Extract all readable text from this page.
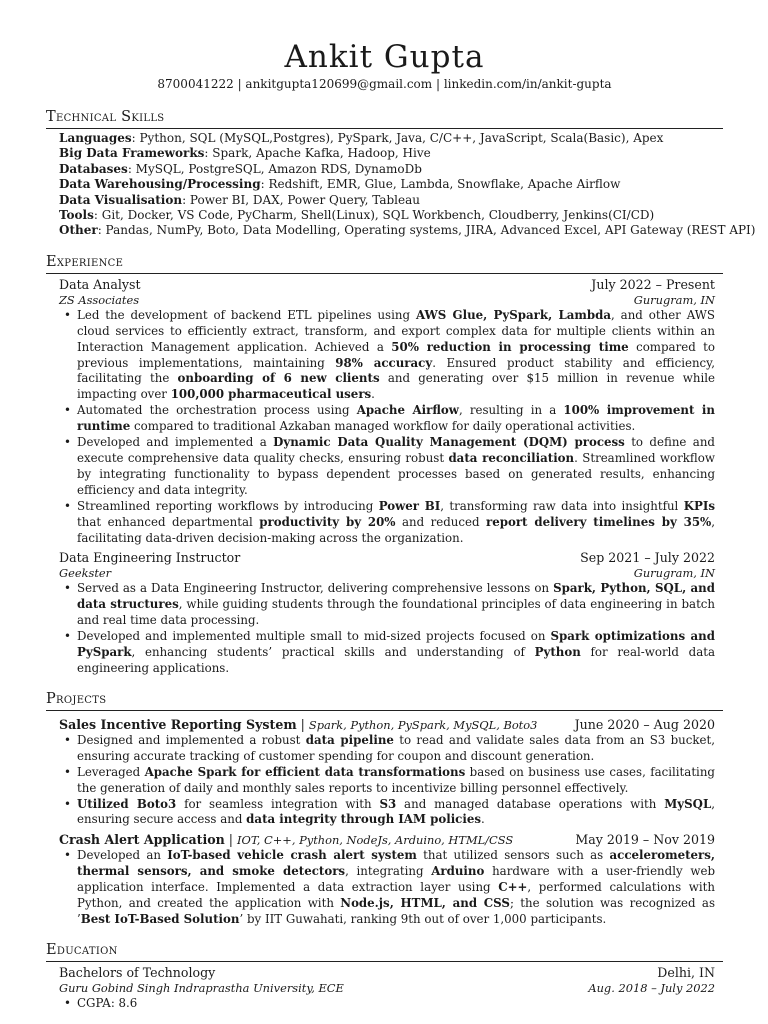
Ankit Gupta
8700041222 | ankitgupta120699@gmail.com | linkedin.com/in/ankit-gupta
Technical Skills
Languages: Python, SQL (MySQL,Postgres), PySpark, Java, C/C++, JavaScript, Scala(Basic), Apex
Big Data Frameworks: Spark, Apache Kafka, Hadoop, Hive
Databases: MySQL, PostgreSQL, Amazon RDS, DynamoDb
Data Warehousing/Processing: Redshift, EMR, Glue, Lambda, Snowflake, Apache Airflow
Data Visualisation: Power BI, DAX, Power Query, Tableau
Tools: Git, Docker, VS Code, PyCharm, Shell(Linux), SQL Workbench, Cloudberry, Jenkins(CI/CD)
Other: Pandas, NumPy, Boto, Data Modelling, Operating systems, JIRA, Advanced Excel, API Gateway (REST API)
Experience
Data Analyst	July 2022 – Present
ZS Associates	Gurugram, IN
• Led the development of backend ETL pipelines using AWS Glue, PySpark, Lambda, and other AWS cloud services to efficiently extract, transform, and export complex data for multiple clients within an Interaction Management application. Achieved a 50% reduction in processing time compared to previous implementations, maintaining 98% accuracy. Ensured product stability and efficiency, facilitating the onboarding of 6 new clients and generating over $15 million in revenue while impacting over 100,000 pharmaceutical users.
• Automated the orchestration process using Apache Airflow, resulting in a 100% improvement in runtime compared to traditional Azkaban managed workflow for daily operational activities.
• Developed and implemented a Dynamic Data Quality Management (DQM) process to define and execute comprehensive data quality checks, ensuring robust data reconciliation. Streamlined workflow by integrating functionality to bypass dependent processes based on generated results, enhancing efficiency and data integrity.
• Streamlined reporting workflows by introducing Power BI, transforming raw data into insightful KPIs that enhanced departmental productivity by 20% and reduced report delivery timelines by 35%, facilitating data-driven decision-making across the organization.
Data Engineering Instructor	Sep 2021 – July 2022
Geekster	Gurugram, IN
• Served as a Data Engineering Instructor, delivering comprehensive lessons on Spark, Python, SQL, and data structures, while guiding students through the foundational principles of data engineering in batch and real time data processing.
• Developed and implemented multiple small to mid-sized projects focused on Spark optimizations and PySpark, enhancing students’ practical skills and understanding of Python for real-world data engineering applications.
Projects
Sales Incentive Reporting System | Spark, Python, PySpark, MySQL, Boto3	June 2020 – Aug 2020
• Designed and implemented a robust data pipeline to read and validate sales data from an S3 bucket, ensuring accurate tracking of customer spending for coupon and discount generation.
• Leveraged Apache Spark for efficient data transformations based on business use cases, facilitating the generation of daily and monthly sales reports to incentivize billing personnel effectively.
• Utilized Boto3 for seamless integration with S3 and managed database operations with MySQL, ensuring secure access and data integrity through IAM policies.
Crash Alert Application | IOT, C++, Python, NodeJs, Arduino, HTML/CSS	May 2019 – Nov 2019
• Developed an IoT-based vehicle crash alert system that utilized sensors such as accelerometers, thermal sensors, and smoke detectors, integrating Arduino hardware with a user-friendly web application interface. Implemented a data extraction layer using C++, performed calculations with Python, and created the application with Node.js, HTML, and CSS; the solution was recognized as ’Best IoT-Based Solution’ by IIT Guwahati, ranking 9th out of over 1,000 participants.
Education
Bachelors of Technology	Delhi, IN
Guru Gobind Singh Indraprastha University, ECE	Aug. 2018 – July 2022
• CGPA: 8.6
